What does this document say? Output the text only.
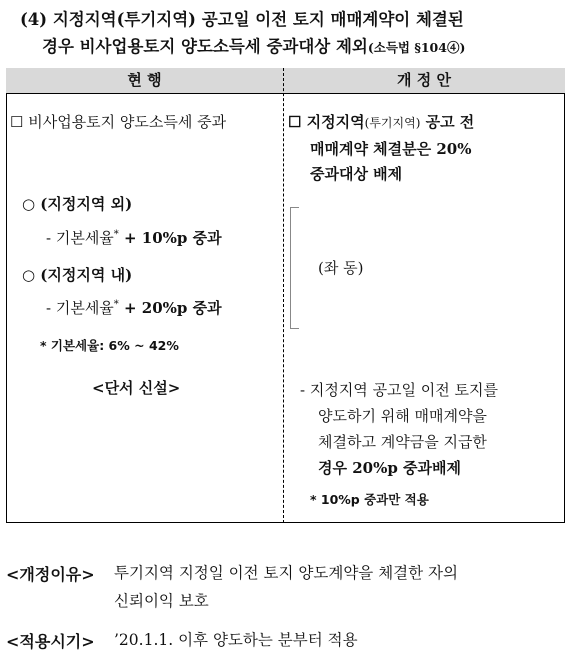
(4) 지정지역(투기지역) 공고일 이전 토지 매매계약이 체결된
경우 비사업용토지 양도소득세 중과대상 제외(소득법 §104④)
현 행	개 정 안
☐ 비사업용토지 양도소득세 중과
○ (지정지역 외)
- 기본세율* + 10%p 중과
○ (지정지역 내)
- 기본세율* + 20%p 중과
* 기본세율: 6% ~ 42%
<단서 신설>
☐ 지정지역(투기지역) 공고 전
매매계약 체결분은 20%
중과대상 배제
(좌 동)
- 지정지역 공고일 이전 토지를
양도하기 위해 매매계약을
체결하고 계약금을 지급한
경우 20%p 중과배제
* 10%p 중과만 적용
<개정이유> 투기지역 지정일 이전 토지 양도계약을 체결한 자의
신뢰이익 보호
<적용시기> ’20.1.1. 이후 양도하는 분부터 적용
